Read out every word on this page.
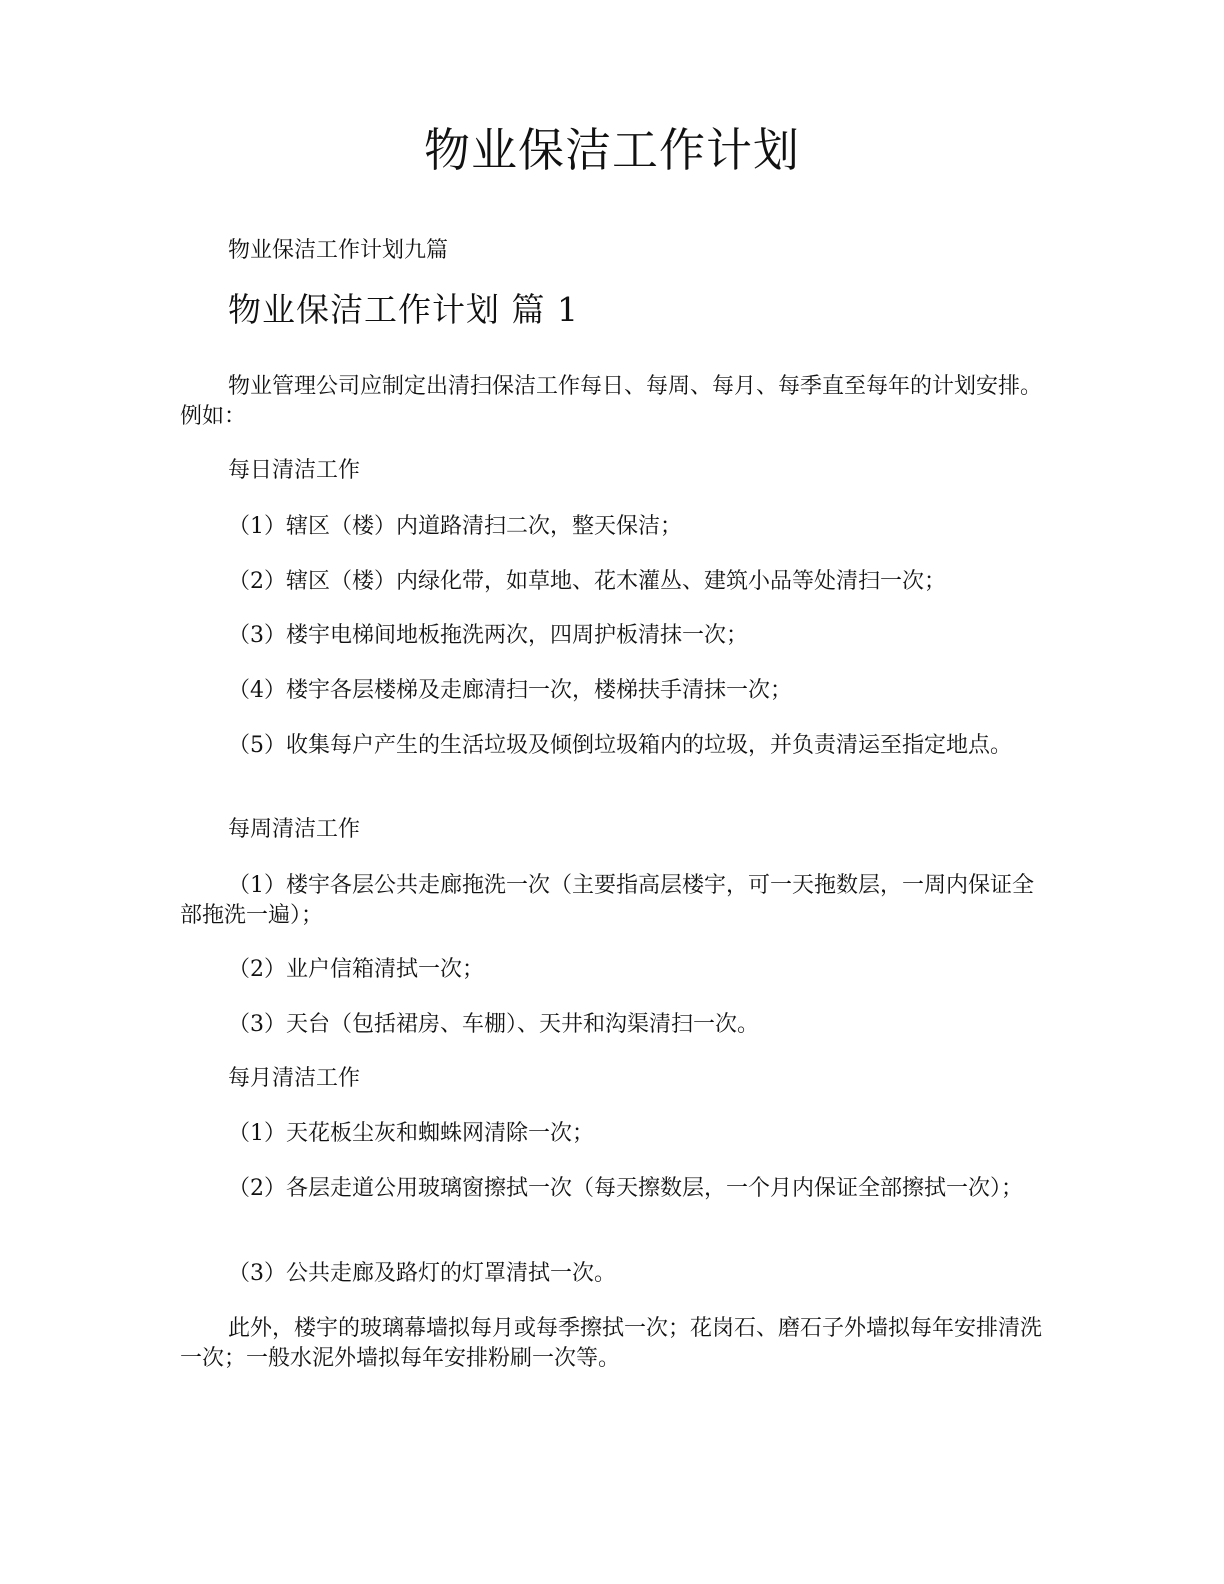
物业保洁工作计划
物业保洁工作计划九篇
物业保洁工作计划 篇 1
物业管理公司应制定出清扫保洁工作每日、每周、每月、每季直至每年的计划安排。例如：
每日清洁工作
（1）辖区（楼）内道路清扫二次，整天保洁；
（2）辖区（楼）内绿化带，如草地、花木灌丛、建筑小品等处清扫一次；
（3）楼宇电梯间地板拖洗两次，四周护板清抹一次；
（4）楼宇各层楼梯及走廊清扫一次，楼梯扶手清抹一次；
（5）收集每户产生的生活垃圾及倾倒垃圾箱内的垃圾，并负责清运至指定地点。
每周清洁工作
（1）楼宇各层公共走廊拖洗一次（主要指高层楼宇，可一天拖数层，一周内保证全部拖洗一遍）；
（2）业户信箱清拭一次；
（3）天台（包括裙房、车棚）、天井和沟渠清扫一次。
每月清洁工作
（1）天花板尘灰和蜘蛛网清除一次；
（2）各层走道公用玻璃窗擦拭一次（每天擦数层，一个月内保证全部擦拭一次）；
（3）公共走廊及路灯的灯罩清拭一次。
此外，楼宇的玻璃幕墙拟每月或每季擦拭一次；花岗石、磨石子外墙拟每年安排清洗一次；一般水泥外墙拟每年安排粉刷一次等。
